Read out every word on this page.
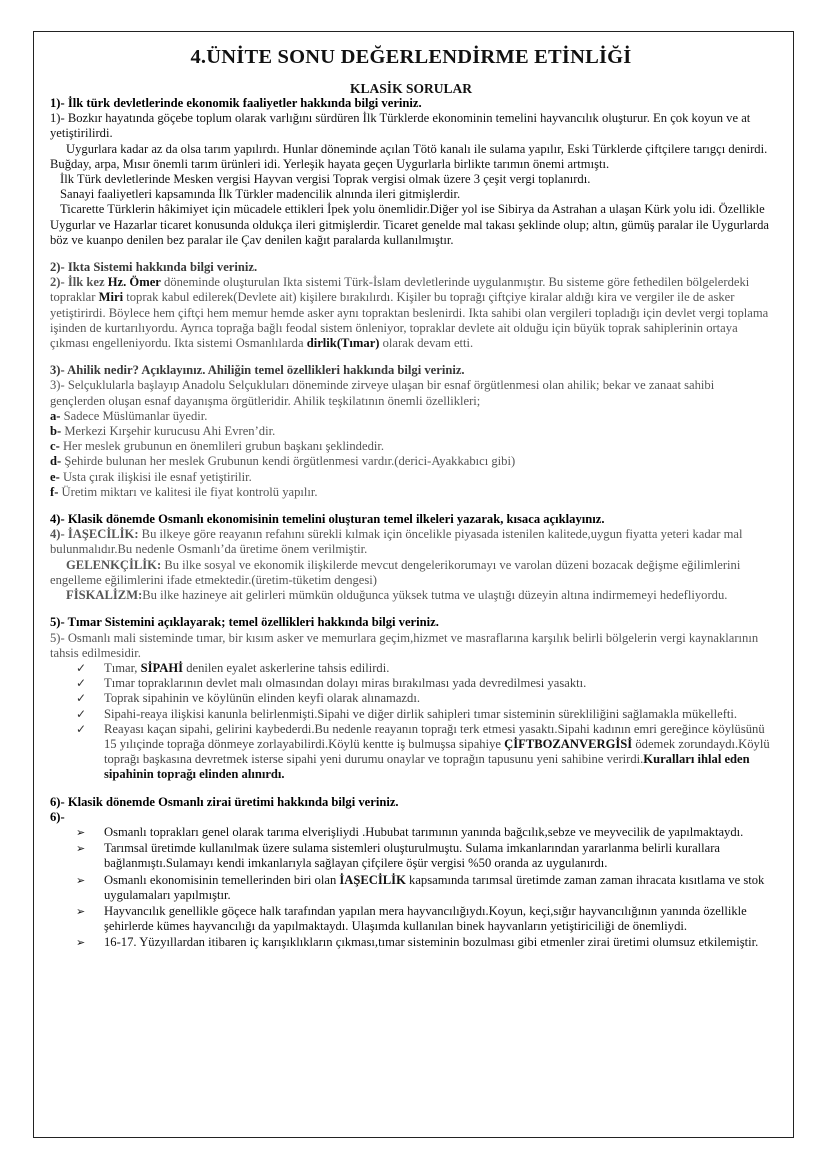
4.ÜNİTE SONU DEĞERLENDİRME ETİNLİĞİ
KLASİK SORULAR

1)- İlk türk devletlerinde ekonomik faaliyetler hakkında bilgi veriniz.

1)- Bozkır hayatında göçebe toplum olarak varlığını sürdüren İlk Türklerde ekonominin temelini hayvancılık oluşturur. En çok koyun ve at yetiştirilirdi.

Uygurlara kadar az da olsa tarım yapılırdı. Hunlar döneminde açılan Tötö kanalı ile sulama yapılır, Eski Türklerde çiftçilere tarıgçı denirdi. Buğday, arpa, Mısır önemli tarım ürünleri idi. Yerleşik hayata geçen Uygurlarla birlikte tarımın önemi artmıştı.

İlk Türk devletlerinde Mesken vergisi Hayvan vergisi Toprak vergisi olmak üzere 3 çeşit vergi toplanırdı.

Sanayi faaliyetleri kapsamında İlk Türkler madencilik alnında ileri gitmişlerdir.

Ticarette Türklerin hâkimiyet için mücadele ettikleri İpek yolu önemlidir.Diğer yol ise Sibirya da Astrahan a ulaşan Kürk yolu idi. Özellikle Uygurlar ve Hazarlar ticaret konusunda oldukça ileri gitmişlerdir. Ticaret genelde mal takası şeklinde olup; altın, gümüş paralar ile Uygurlarda böz ve kuanpo denilen bez paralar ile Çav denilen kağıt paralarda kullanılmıştır.

2)- Ikta Sistemi hakkında bilgi veriniz.

2)- İlk kez Hz. Ömer döneminde oluşturulan Ikta sistemi Türk-İslam devletlerinde uygulanmıştır. Bu sisteme göre fethedilen bölgelerdeki topraklar Miri toprak kabul edilerek(Devlete ait) kişilere bırakılırdı. Kişiler bu toprağı çiftçiye kiralar aldığı kira ve vergiler ile de asker yetiştirirdi. Böylece hem çiftçi hem memur hemde asker aynı topraktan beslenirdi. Ikta sahibi olan vergileri topladığı için devlet vergi toplama işinden de kurtarılıyordu. Ayrıca toprağa bağlı feodal sistem önleniyor, topraklar devlete ait olduğu için büyük toprak sahiplerinin ortaya çıkması engelleniyordu. Ikta sistemi Osmanlılarda dirlik(Tımar) olarak devam etti.

3)- Ahilik nedir? Açıklayınız. Ahiliğin temel özellikleri hakkında bilgi veriniz.

3)- Selçuklularla başlayıp Anadolu Selçukluları döneminde zirveye ulaşan bir esnaf örgütlenmesi olan ahilik; bekar ve zanaat sahibi gençlerden oluşan esnaf dayanışma örgütleridir. Ahilik teşkilatının önemli özellikleri;

a- Sadece Müslümanlar üyedir.

b- Merkezi Kırşehir kurucusu Ahi Evren’dir.

c- Her meslek grubunun en önemlileri grubun başkanı şeklindedir.

d- Şehirde bulunan her meslek Grubunun kendi örgütlenmesi vardır.(derici-Ayakkabıcı gibi)

e- Usta çırak ilişkisi ile esnaf yetiştirilir.

f- Üretim miktarı ve kalitesi ile fiyat kontrolü yapılır.

4)- Klasik dönemde Osmanlı ekonomisinin temelini oluşturan temel ilkeleri yazarak, kısaca açıklayınız.

4)- İAŞECİLİK: Bu ilkeye göre reayanın refahını sürekli kılmak için öncelikle piyasada istenilen kalitede,uygun fiyatta yeteri kadar mal bulunmalıdır.Bu nedenle Osmanlı’da üretime önem verilmiştir.

GELENKÇİLİK: Bu ilke sosyal ve ekonomik ilişkilerde mevcut dengelerikorumayı ve varolan düzeni bozacak değişme eğilimlerini engelleme eğilimlerini ifade etmektedir.(üretim-tüketim dengesi)

FİSKALİZM:Bu ilke hazineye ait gelirleri mümkün olduğunca yüksek tutma ve ulaştığı düzeyin altına indirmemeyi hedefliyordu.

5)- Tımar Sistemini açıklayarak; temel özellikleri hakkında bilgi veriniz.

5)- Osmanlı mali sisteminde tımar, bir kısım asker ve memurlara geçim,hizmet ve masraflarına karşılık belirli bölgelerin vergi kaynaklarının tahsis edilmesidir.

✓ Tımar, SİPAHİ denilen eyalet askerlerine tahsis edilirdi.
✓ Tımar topraklarının devlet malı olmasından dolayı miras bırakılması yada devredilmesi yasaktı.
✓ Toprak sipahinin ve köylünün elinden keyfi olarak alınamazdı.
✓ Sipahi-reaya ilişkisi kanunla belirlenmişti.Sipahi ve diğer dirlik sahipleri tımar sisteminin sürekliliğini sağlamakla mükellefti.
✓ Reayası kaçan sipahi, gelirini kaybederdi.Bu nedenle reayanın toprağı terk etmesi yasaktı.Sipahi kadının emri gereğince köylüsünü 15 yılıçinde toprağa dönmeye zorlayabilirdi.Köylü kentte iş bulmuşsa sipahiye ÇİFTBOZANVERGİSİ ödemek zorundaydı.Köylü toprağı başkasına devretmek isterse sipahi yeni durumu onaylar ve toprağın tapusunu yeni sahibine verirdi.Kuralları ihlal eden sipahinin toprağı elinden alınırdı.

6)- Klasik dönemde Osmanlı zirai üretimi hakkında bilgi veriniz.

6)-

➢ Osmanlı toprakları genel olarak tarıma elverişliydi .Hububat tarımının yanında bağcılık,sebze ve meyvecilik de yapılmaktaydı.
➢ Tarımsal üretimde kullanılmak üzere sulama sistemleri oluşturulmuştu. Sulama imkanlarından yararlanma belirli kurallara bağlanmıştı.Sulamayı kendi imkanlarıyla sağlayan çifçilere öşür vergisi %50 oranda az uygulanırdı.
➢ Osmanlı ekonomisinin temellerinden biri olan İAŞECİLİK kapsamında tarımsal üretimde zaman zaman ihracata kısıtlama ve stok uygulamaları yapılmıştır.
➢ Hayvancılık genellikle göçece halk tarafından yapılan mera hayvancılığıydı.Koyun, keçi,sığır hayvancılığının yanında özellikle şehirlerde kümes hayvancılığı da yapılmaktaydı. Ulaşımda kullanılan binek hayvanların yetiştiriciliği de önemliydi.
➢ 16-17. Yüzyıllardan itibaren iç karışıklıkların çıkması,tımar sisteminin bozulması gibi etmenler zirai üretimi olumsuz etkilemiştir.
